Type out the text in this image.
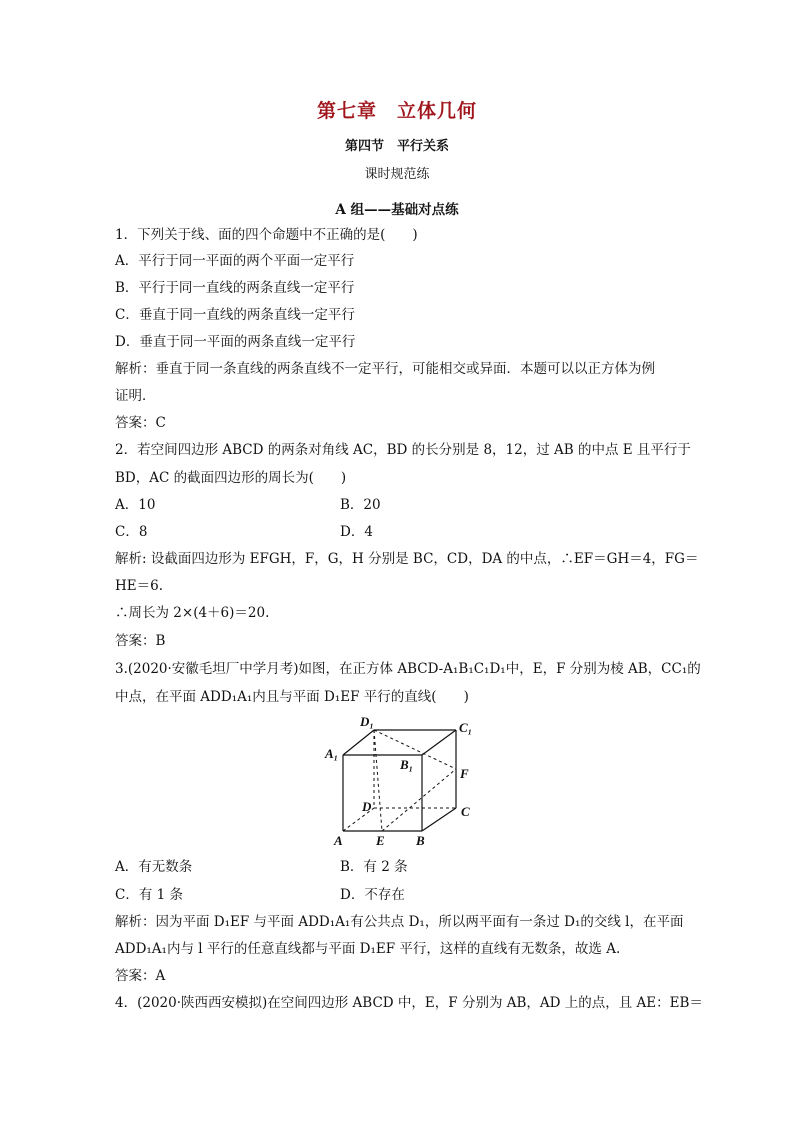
第七章　立体几何
第四节　平行关系
课时规范练
A 组——基础对点练
1．下列关于线、面的四个命题中不正确的是(　　)
A．平行于同一平面的两个平面一定平行
B．平行于同一直线的两条直线一定平行
C．垂直于同一直线的两条直线一定平行
D．垂直于同一平面的两条直线一定平行
解析：垂直于同一条直线的两条直线不一定平行，可能相交或异面．本题可以以正方体为例
证明．
答案：C
2．若空间四边形 ABCD 的两条对角线 AC，BD 的长分别是 8，12，过 AB 的中点 E 且平行于
BD，AC 的截面四边形的周长为(　　)
A．10	B．20
C．8	D．4
解析: 设截面四边形为 EFGH，F，G，H 分别是 BC，CD，DA 的中点，∴EF＝GH＝4，FG＝
HE＝6.
∴周长为 2×(4＋6)＝20.
答案：B
3.(2020·安徽毛坦厂中学月考)如图，在正方体 ABCD-A₁B₁C₁D₁中，E，F 分别为棱 AB，CC₁的
中点，在平面 ADD₁A₁内且与平面 D₁EF 平行的直线(　　)
D₁	C₁
A₁
B₁
F
D	C
A	E B
A．有无数条	B．有 2 条
C．有 1 条	D．不存在
解析：因为平面 D₁EF 与平面 ADD₁A₁有公共点 D₁，所以两平面有一条过 D₁的交线 l，在平面
ADD₁A₁内与 l 平行的任意直线都与平面 D₁EF 平行，这样的直线有无数条，故选 A.
答案：A
4．(2020·陕西西安模拟)在空间四边形 ABCD 中，E，F 分别为 AB，AD 上的点，且 AE：EB＝
